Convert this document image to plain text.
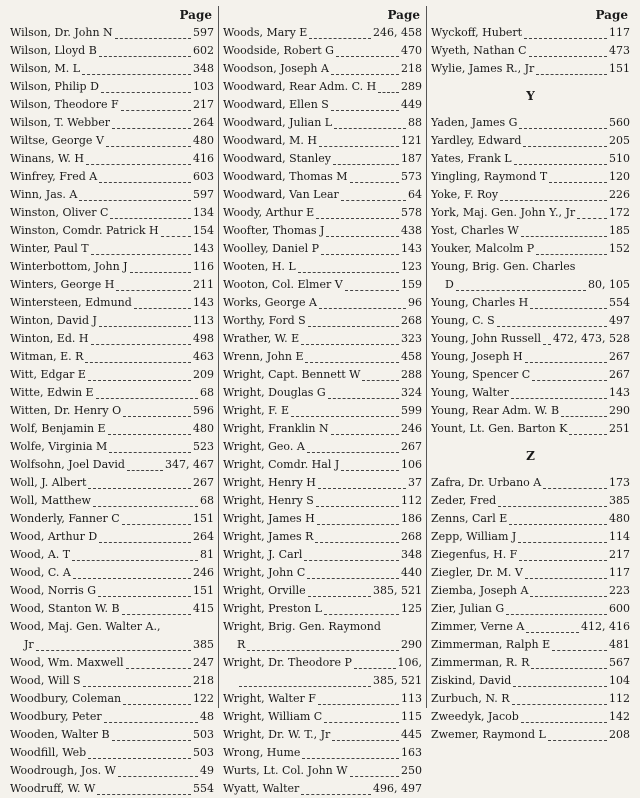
Page
Wilson, Dr. John N	597
Wilson, Lloyd B	602
Wilson, M. L	348
Wilson, Philip D	103
Wilson, Theodore F	217
Wilson, T. Webber	264
Wiltse, George V	480
Winans, W. H	416
Winfrey, Fred A	603
Winn, Jas. A	597
Winston, Oliver C	134
Winston, Comdr. Patrick H	154
Winter, Paul T	143
Winterbottom, John J	116
Winters, George H	211
Wintersteen, Edmund	143
Winton, David J	113
Winton, Ed. H	498
Witman, E. R	463
Witt, Edgar E	209
Witte, Edwin E	68
Witten, Dr. Henry O	596
Wolf, Benjamin E	480
Wolfe, Virginia M	523
Wolfsohn, Joel David	347, 467
Woll, J. Albert	267
Woll, Matthew	68
Wonderly, Fanner C	151
Wood, Arthur D	264
Wood, A. T	81
Wood, C. A	246
Wood, Norris G	151
Wood, Stanton W. B	415
Wood, Maj. Gen. Walter A.,
Jr	385
Wood, Wm. Maxwell	247
Wood, Will S	218
Woodbury, Coleman	122
Woodbury, Peter	48
Wooden, Walter B	503
Woodfill, Web	503
Woodrough, Jos. W	49
Woodruff, W. W	554
Page
Woods, Mary E	246, 458
Woodside, Robert G	470
Woodson, Joseph A	218
Woodward, Rear Adm. C. H 289
Woodward, Ellen S	449
Woodward, Julian L	88
Woodward, M. H	121
Woodward, Stanley	187
Woodward, Thomas M	573
Woodward, Van Lear	64
Woody, Arthur E	578
Woofter, Thomas J	438
Woolley, Daniel P	143
Wooten, H. L	123
Wooton, Col. Elmer V	159
Works, George A	96
Worthy, Ford S	268
Wrather, W. E	323
Wrenn, John E	458
Wright, Capt. Bennett W	288
Wright, Douglas G	324
Wright, F. E	599
Wright, Franklin N	246
Wright, Geo. A	267
Wright, Comdr. Hal J	106
Wright, Henry H	37
Wright, Henry S	112
Wright, James H	186
Wright, James R	268
Wright, J. Carl	348
Wright, John C	440
Wright, Orville	385, 521
Wright, Preston L	125
Wright, Brig. Gen. Raymond
R	290
Wright, Dr. Theodore P	106,
385, 521
Wright, Walter F	113
Wright, William C	115
Wright, Dr. W. T., Jr	445
Wrong, Hume	163
Wurts, Lt. Col. John W	250
Wyatt, Walter	496, 497
Page
Wyckoff, Hubert	117
Wyeth, Nathan C	473
Wylie, James R., Jr	151
Y
Yaden, James G	560
Yardley, Edward	205
Yates, Frank L	510
Yingling, Raymond T	120
Yoke, F. Roy	226
York, Maj. Gen. John Y., Jr	172
Yost, Charles W	185
Youker, Malcolm P	152
Young, Brig. Gen. Charles
D	80, 105
Young, Charles H	554
Young, C. S	497
Young, John Russell 472, 473, 528
Young, Joseph H	267
Young, Spencer C	267
Young, Walter	143
Young, Rear Adm. W. B	290
Yount, Lt. Gen. Barton K	251
Z
Zafra, Dr. Urbano A	173
Zeder, Fred	385
Zenns, Carl E	480
Zepp, William J	114
Ziegenfus, H. F	217
Ziegler, Dr. M. V	117
Ziemba, Joseph A	223
Zier, Julian G	600
Zimmer, Verne A	412, 416
Zimmerman, Ralph E	481
Zimmerman, R. R	567
Ziskind, David	104
Zurbuch, N. R	112
Zweedyk, Jacob	142
Zwemer, Raymond L	208
